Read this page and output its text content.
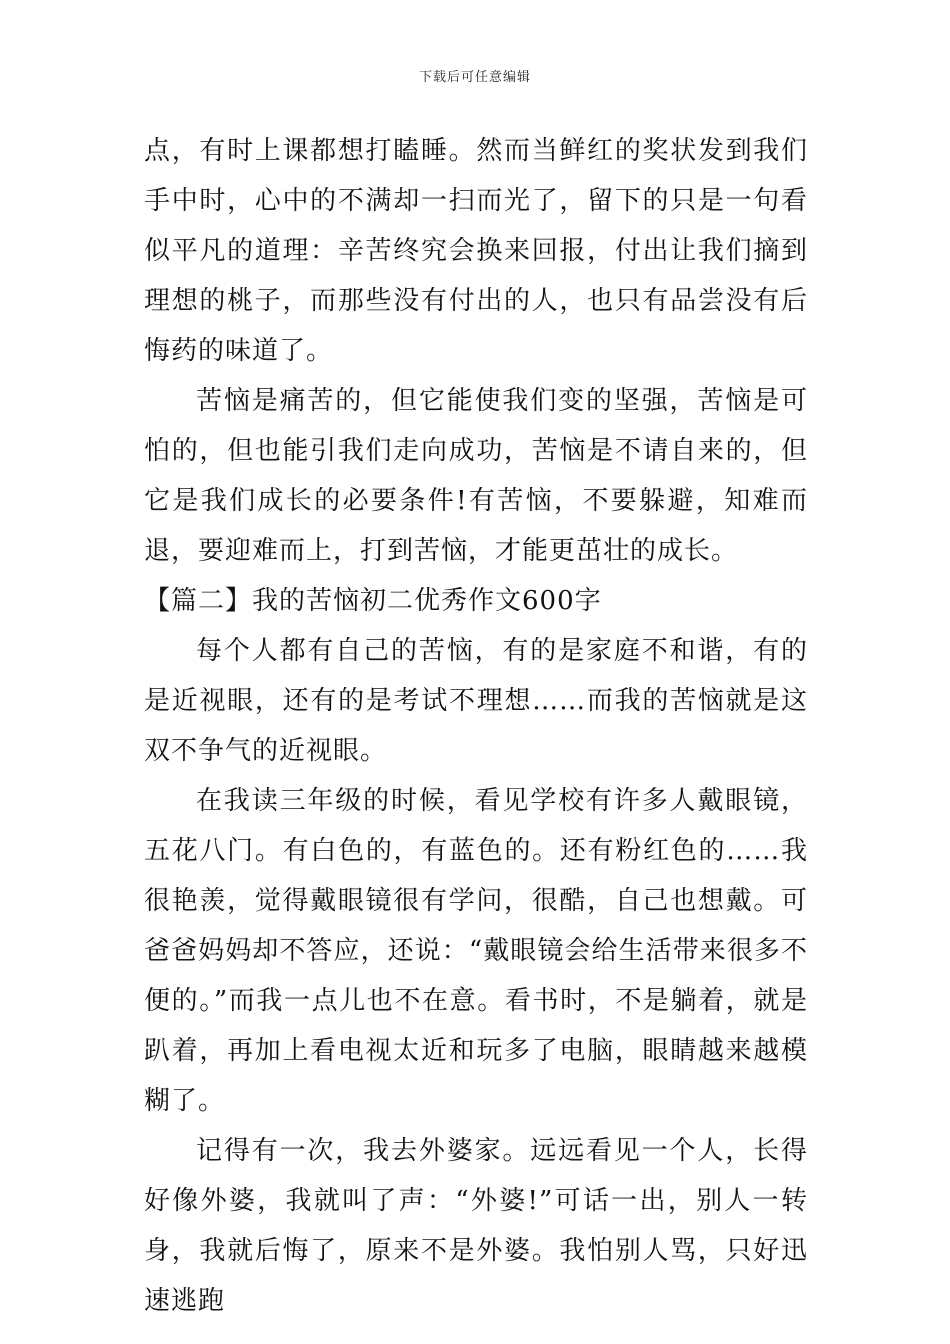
下载后可任意编辑

点，有时上课都想打瞌睡。然而当鲜红的奖状发到我们手中时，心中的不满却一扫而光了，留下的只是一句看似平凡的道理：辛苦终究会换来回报，付出让我们摘到理想的桃子，而那些没有付出的人，也只有品尝没有后悔药的味道了。

苦恼是痛苦的，但它能使我们变的坚强，苦恼是可怕的，但也能引我们走向成功，苦恼是不请自来的，但它是我们成长的必要条件!有苦恼，不要躲避，知难而退，要迎难而上，打到苦恼，才能更茁壮的成长。

【篇二】我的苦恼初二优秀作文600字

每个人都有自己的苦恼，有的是家庭不和谐，有的是近视眼，还有的是考试不理想……而我的苦恼就是这双不争气的近视眼。

在我读三年级的时候，看见学校有许多人戴眼镜，五花八门。有白色的，有蓝色的。还有粉红色的……我很艳羡，觉得戴眼镜很有学问，很酷，自己也想戴。可爸爸妈妈却不答应，还说：“戴眼镜会给生活带来很多不便的。”而我一点儿也不在意。看书时，不是躺着，就是趴着，再加上看电视太近和玩多了电脑，眼睛越来越模糊了。

记得有一次，我去外婆家。远远看见一个人，长得好像外婆，我就叫了声：“外婆!”可话一出，别人一转身，我就后悔了，原来不是外婆。我怕别人骂，只好迅速逃跑
